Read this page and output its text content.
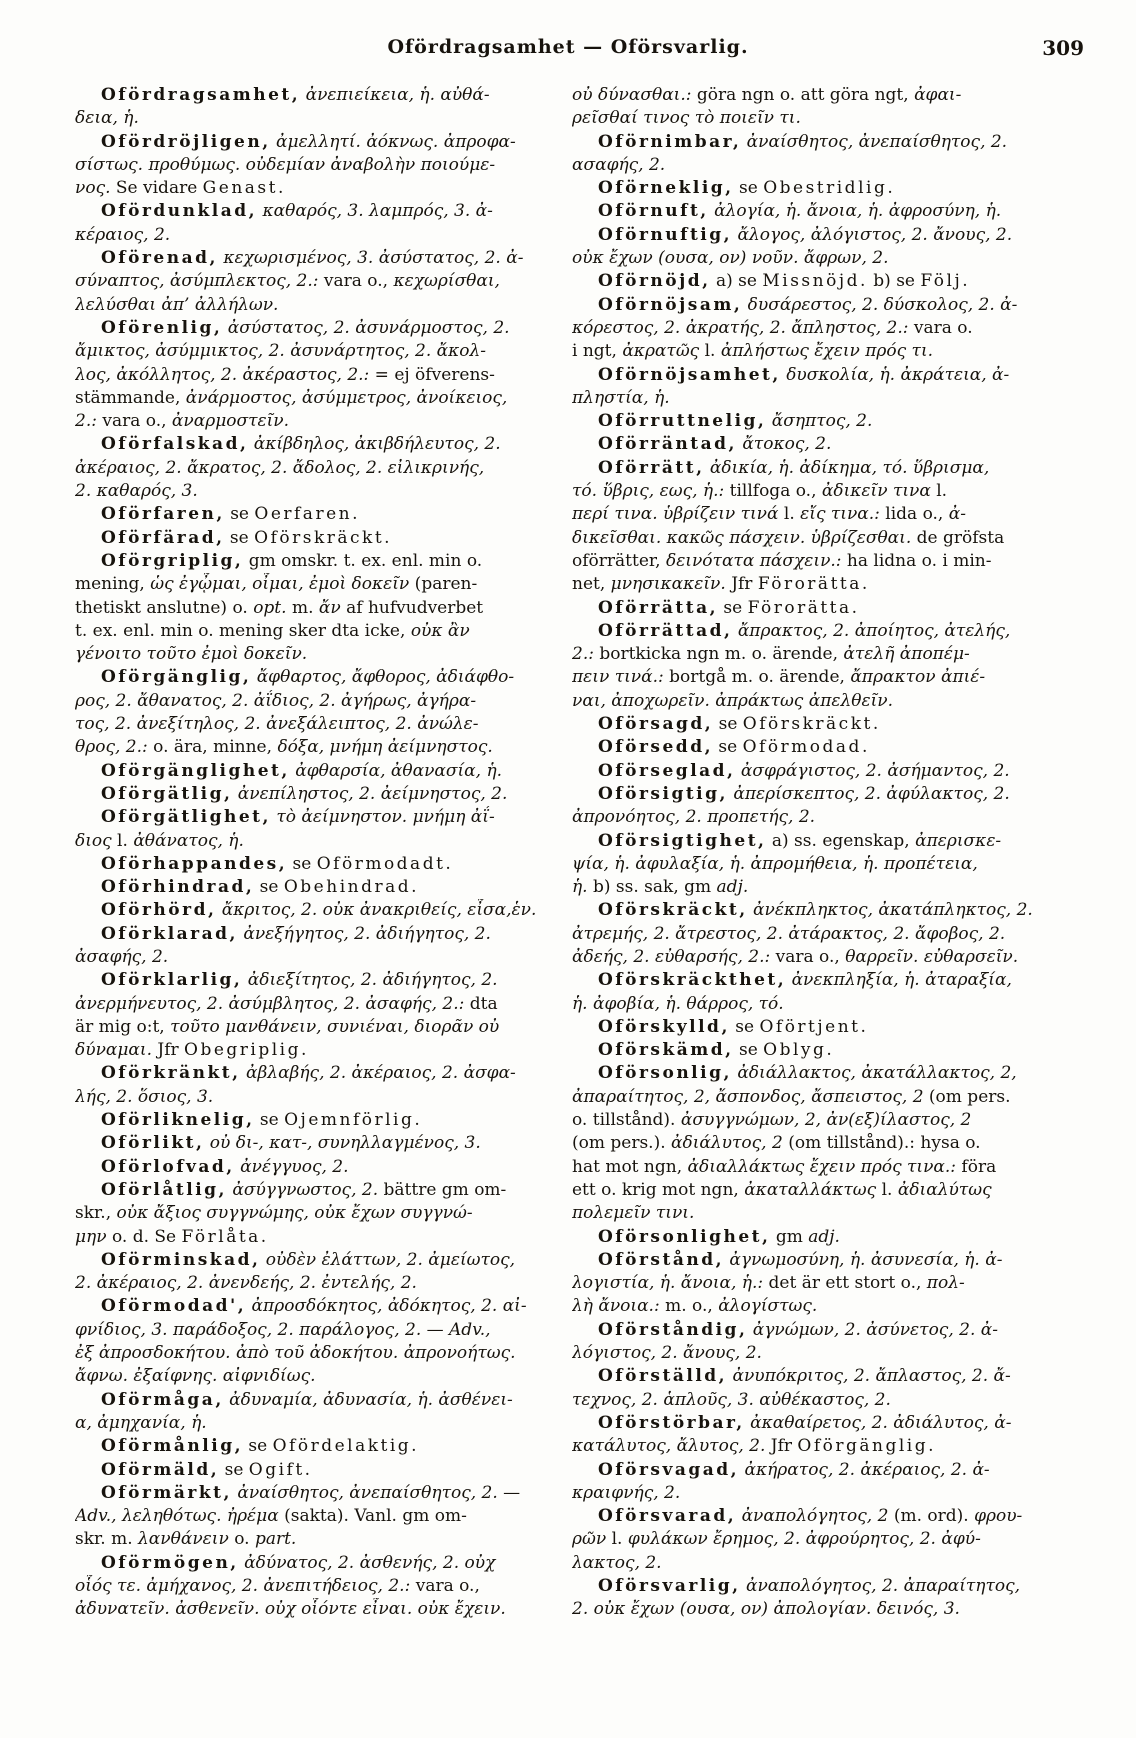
Ofördragsamhet — Oförsvarlig.	309
Ofördragsamhet, ἀνεπιείκεια, ἡ. αὐθά-
δεια, ἡ.
Ofördröjligen, ἀμελλητί. ἀόκνως. ἀπροφα-
σίστως. προθύμως. οὐδεμίαν ἀναβολὴν ποιούμε-
νος. Se vidare Genast.
Ofördunklad, καθαρός, 3. λαμπρός, 3. ἀ-
κέραιος, 2.
Oförenad, κεχωρισμένος, 3. ἀσύστατος, 2. ἀ-
σύναπτος, ἀσύμπλεκτος, 2.: vara o., κεχωρίσθαι,
λελύσθαι ἀπ’ ἀλλήλων.
Oförenlig, ἀσύστατος, 2. ἀσυνάρμοστος, 2.
ἄμικτος, ἀσύμμικτος, 2. ἀσυνάρτητος, 2. ἄκολ-
λος, ἀκόλλητος, 2. ἀκέραστος, 2.: = ej öfverens-
stämmande, ἀνάρμοστος, ἀσύμμετρος, ἀνοίκειος,
2.: vara o., ἀναρμοστεῖν.
Oförfalskad, ἀκίβδηλος, ἀκιβδήλευτος, 2.
ἀκέραιος, 2. ἄκρατος, 2. ἄδολος, 2. εἰλικρινής,
2. καθαρός, 3.
Oförfaren, se Oerfaren.
Oförfärad, se Oförskräckt.
Oförgriplig, gm omskr. t. ex. enl. min o.
mening, ὡς ἐγᾦμαι, οἶμαι, ἐμοὶ δοκεῖν (paren-
thetiskt anslutne) o. opt. m. ἄν af hufvudverbet
t. ex. enl. min o. mening sker dta icke, οὐκ ἂν
γένοιτο τοῦτο ἐμοὶ δοκεῖν.
Oförgänglig, ἄφθαρτος, ἄφθορος, ἀδιάφθο-
ρος, 2. ἄθανατος, 2. ἀΐδιος, 2. ἀγήρως, ἀγήρα-
τος, 2. ἀνεξίτηλος, 2. ἀνεξάλειπτος, 2. ἀνώλε-
θρος, 2.: o. ära, minne, δόξα, μνήμη ἀείμνηστος.
Oförgänglighet, ἀφθαρσία, ἀθανασία, ἡ.
Oförgätlig, ἀνεπίληστος, 2. ἀείμνηστος, 2.
Oförgätlighet, τὸ ἀείμνηστον. μνήμη ἀΐ-
διος l. ἀθάνατος, ἡ.
Oförhappandes, se Oförmodadt.
Oförhindrad, se Obehindrad.
Oförhörd, ἄκριτος, 2. οὐκ ἀνακριθείς, εἶσα,ἑν.
Oförklarad, ἀνεξήγητος, 2. ἀδιήγητος, 2.
ἀσαφής, 2.
Oförklarlig, ἀδιεξίτητος, 2. ἀδιήγητος, 2.
ἀνερμήνευτος, 2. ἀσύμβλητος, 2. ἀσαφής, 2.: dta
är mig o:t, τοῦτο μανθάνειν, συνιέναι, διορᾶν οὐ
δύναμαι. Jfr Obegriplig.
Oförkränkt, ἀβλαβής, 2. ἀκέραιος, 2. ἀσφα-
λής, 2. ὅσιος, 3.
Oförliknelig, se Ojemnförlig.
Oförlikt, οὐ δι-, κατ-, συνηλλαγμένος, 3.
Oförlofvad, ἀνέγγυος, 2.
Oförlåtlig, ἀσύγγνωστος, 2. bättre gm om-
skr., οὐκ ἄξιος συγγνώμης, οὐκ ἔχων συγγνώ-
μην o. d. Se Förlåta.
Oförminskad, οὐδὲν ἐλάττων, 2. ἀμείωτος,
2. ἀκέραιος, 2. ἀνενδεής, 2. ἐντελής, 2.
Oförmodad', ἀπροσδόκητος, ἀδόκητος, 2. αἰ-
φνίδιος, 3. παράδοξος, 2. παράλογος, 2. — Adv.,
ἐξ ἀπροσδοκήτου. ἀπὸ τοῦ ἀδοκήτου. ἀπρονοήτως.
ἄφνω. ἐξαίφνης. αἰφνιδίως.
Oförmåga, ἀδυναμία, ἀδυνασία, ἡ. ἀσθένει-
α, ἀμηχανία, ἡ.
Oförmånlig, se Ofördelaktig.
Oförmäld, se Ogift.
Oförmärkt, ἀναίσθητος, ἀνεπαίσθητος, 2. —
Adv., λεληθότως. ἠρέμα (sakta). Vanl. gm om-
skr. m. λανθάνειν o. part.
Oförmögen, ἀδύνατος, 2. ἀσθενής, 2. οὐχ
οἷός τε. ἀμήχανος, 2. ἀνεπιτήδειος, 2.: vara o.,
ἀδυνατεῖν. ἀσθενεῖν. οὐχ οἷόντε εἶναι. οὐκ ἔχειν.
οὐ δύνασθαι.: göra ngn o. att göra ngt, ἀφαι-
ρεῖσθαί τινος τὸ ποιεῖν τι.
Oförnimbar, ἀναίσθητος, ἀνεπαίσθητος, 2.
ασαφής, 2.
Oförneklig, se Obestridlig.
Oförnuft, ἀλογία, ἡ. ἄνοια, ἡ. ἀφροσύνη, ἡ.
Oförnuftig, ἄλογος, ἀλόγιστος, 2. ἄνους, 2.
οὐκ ἔχων (ουσα, ον) νοῦν. ἄφρων, 2.
Oförnöjd, a) se Missnöjd. b) se Följ.
Oförnöjsam, δυσάρεστος, 2. δύσκολος, 2. ἀ-
κόρεστος, 2. ἀκρατής, 2. ἄπληστος, 2.: vara o.
i ngt, ἀκρατῶς l. ἀπλήστως ἔχειν πρός τι.
Oförnöjsamhet, δυσκολία, ἡ. ἀκράτεια, ἀ-
πληστία, ἡ.
Oförruttnelig, ἄσηπτος, 2.
Oförräntad, ἄτοκος, 2.
Oförrätt, ἀδικία, ἡ. ἀδίκημα, τό. ὕβρισμα,
τό. ὕβρις, εως, ἡ.: tillfoga o., ἀδικεῖν τινα l.
περί τινα. ὑβρίζειν τινά l. εἴς τινα.: lida o., ἀ-
δικεῖσθαι. κακῶς πάσχειν. ὑβρίζεσθαι. de gröfsta
oförrätter, δεινότατα πάσχειν.: ha lidna o. i min-
net, μνησικακεῖν. Jfr Förorätta.
Oförrätta, se Förorätta.
Oförrättad, ἄπρακτος, 2. ἀποίητος, ἀτελής,
2.: bortkicka ngn m. o. ärende, ἀτελῆ ἀποπέμ-
πειν τινά.: bortgå m. o. ärende, ἄπρακτον ἀπιέ-
ναι, ἀποχωρεῖν. ἀπράκτως ἀπελθεῖν.
Oförsagd, se Oförskräckt.
Oförsedd, se Oförmodad.
Oförseglad, ἀσφράγιστος, 2. ἀσήμαντος, 2.
Oförsigtig, ἀπερίσκεπτος, 2. ἀφύλακτος, 2.
ἀπρονόητος, 2. προπετής, 2.
Oförsigtighet, a) ss. egenskap, ἀπερισκε-
ψία, ἡ. ἀφυλαξία, ἡ. ἀπρομήθεια, ἡ. προπέτεια,
ἡ. b) ss. sak, gm adj.
Oförskräckt, ἀνέκπληκτος, ἀκατάπληκτος, 2.
ἀτρεμής, 2. ἄτρεστος, 2. ἀτάρακτος, 2. ἄφοβος, 2.
ἀδεής, 2. εὐθαρσής, 2.: vara o., θαρρεῖν. εὐθαρσεῖν.
Oförskräckthet, ἀνεκπληξία, ἡ. ἀταραξία,
ἡ. ἀφοβία, ἡ. θάρρος, τό.
Oförskylld, se Oförtjent.
Oförskämd, se Oblyg.
Oförsonlig, ἀδιάλλακτος, ἀκατάλλακτος, 2,
ἀπαραίτητος, 2, ἄσπονδος, ἄσπειστος, 2 (om pers.
o. tillstånd). ἀσυγγνώμων, 2, ἀν(εξ)ίλαστος, 2
(om pers.). ἀδιάλυτος, 2 (om tillstånd).: hysa o.
hat mot ngn, ἀδιαλλάκτως ἔχειν πρός τινα.: föra
ett o. krig mot ngn, ἀκαταλλάκτως l. ἀδιαλύτως
πολεμεῖν τινι.
Oförsonlighet, gm adj.
Oförstånd, ἀγνωμοσύνη, ἡ. ἀσυνεσία, ἡ. ἀ-
λογιστία, ἡ. ἄνοια, ἡ.: det är ett stort o., πολ-
λὴ ἄνοια.: m. o., ἀλογίστως.
Oförståndig, ἀγνώμων, 2. ἀσύνετος, 2. ἀ-
λόγιστος, 2. ἄνους, 2.
Oförställd, ἀνυπόκριτος, 2. ἄπλαστος, 2. ἄ-
τεχνος, 2. ἁπλοῦς, 3. αὐθέκαστος, 2.
Oförstörbar, ἀκαθαίρετος, 2. ἀδιάλυτος, ἀ-
κατάλυτος, ἄλυτος, 2. Jfr Oförgänglig.
Oförsvagad, ἀκήρατος, 2. ἀκέραιος, 2. ἀ-
κραιφνής, 2.
Oförsvarad, ἀναπολόγητος, 2 (m. ord). φρου-
ρῶν l. φυλάκων ἔρημος, 2. ἀφρούρητος, 2. ἀφύ-
λακτος, 2.
Oförsvarlig, ἀναπολόγητος, 2. ἀπαραίτητος,
2. οὐκ ἔχων (ουσα, ον) ἀπολογίαν. δεινός, 3.
